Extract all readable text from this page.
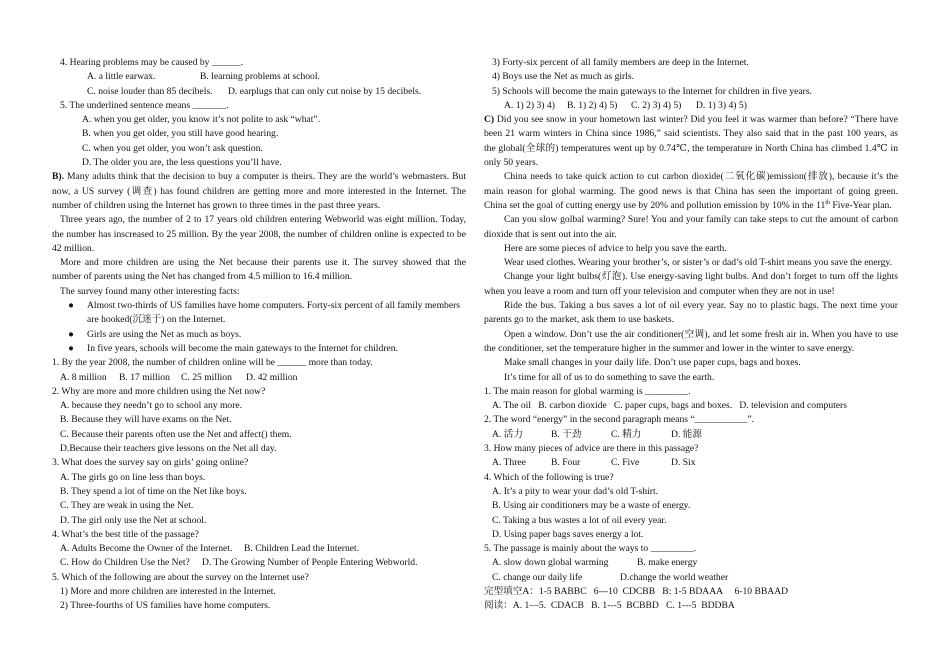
4. Hearing problems may be caused by ______.
A. a little earwax.	B. learning problems at school.
C. noise louder than 85 decibels. D. earplugs that can only cut noise by 15 decibels.
5. The underlined sentence means _______.
A. when you get older, you know it’s not polite to ask “what”.
B. when you get older, you still have good hearing.
C. when you get older, you won’t ask question.
D. The older you are, the less questions you’ll have.
B). Many adults think that the decision to buy a computer is theirs. They are the world’s webmasters. But
now, a US survey (调查) has found children are getting more and more interested in the Internet. The
number of children using the Internet has grown to three times in the past three years.
Three years ago, the number of 2 to 17 years old children entering Webworld was eight million. Today,
the number has inscreased to 25 million. By the year 2008, the number of children online is expected to be
42 million.
More and more children are using the Net because their parents use it. The survey showed that the
number of parents using the Net has changed from 4.5 million to 16.4 million.
The survey found many other interesting facts:
● Almost two-thirds of US families have home computers. Forty-six percent of all family members
are hooked(沉迷于) on the Internet.
● Girls are using the Net as much as boys.
● In five years, schools will become the main gateways to the Internet for children.
1. By the year 2008, the number of children online will be ______ more than today.
A. 8 million B. 17 million C. 25 million D. 42 million
2. Why are more and more children using the Net now?
A. because they needn’t go to school any more.
B. Because they will have exams on the Net.
C. Because their parents often use the Net and affect() them.
D.Because their teachers give lessons on the Net all day.
3. What does the survey say on girls’ going online?
A. The girls go on line less than boys.
B. They spend a lot of time on the Net like boys.
C. They are weak in using the Net.
D. The girl only use the Net at school.
4. What’s the best title of the passage?
A. Adults Become the Owner of the Internet. B. Children Lead the Internet.
C. How do Children Use the Net? D. The Growing Number of People Entering Webworld.
5. Which of the following are about the survey on the Internet use?
1) More and more children are interested in the Internet.
2) Three-fourths of US families have home computers.
3) Forty-six percent of all family members are deep in the Internet.
4) Boys use the Net as much as girls.
5) Schools will become the main gateways to the Internet for children in five years.
A. 1) 2) 3) 4) B. 1) 2) 4) 5) C. 2) 3) 4) 5) D. 1) 3) 4) 5)
C) Did you see snow in your hometown last winter? Did you feel it was warmer than before? “There have
been 21 warm winters in China since 1986,” said scientists. They also said that in the past 100 years, as
the global(全球的) temperatures went up by 0.74℃, the temperature in North China has climbed 1.4℃ in
only 50 years.
China needs to take quick action to cut carbon dioxide(二氧化碳)emission(排放), because it’s the
main reason for global warming. The good news is that China has seen the important of going green.
China set the goal of cutting energy use by 20% and pollution emission by 10% in the 11th Five-Year plan.
Can you slow golbal warming? Sure! You and your family can take steps to cut the amount of carbon
dioxide that is sent out into the air.
Here are some pieces of advice to help you save the earth.
Wear used clothes. Wearing your brother’s, or sister’s or dad’s old T-shirt means you save the energy.
Change your light bulbs(灯泡). Use energy-saving light bulbs. And don’t forget to turn off the lights
when you leave a room and turn off your television and computer when they are not in use!
Ride the bus. Taking a bus saves a lot of oil every year. Say no to plastic bags. The next time your
parents go to the market, ask them to use baskets.
Open a window. Don’t use the air conditioner(空调), and let some fresh air in. When you have to use
the conditioner, set the temperature higher in the summer and lower in the winter to save energy.
Make small changes in your daily life. Don’t use paper cups, bags and boxes.
It’s time for all of us to do something to save the earth.
1. The main reason for global warming is _________.
A. The oil   B. carbon dioxide   C. paper cups, bags and boxes.   D. television and computers
2. The word “energy” in the second paragraph means “___________”.
A. 活力	B. 干劲	C. 精力	D. 能源
3. How many pieces of advice are there in this passage?
A. Three	B. Four	C. Five	D. Six
4. Which of the following is true?
A. It’s a pity to wear your dad’s old T-shirt.
B. Using air conditioners may be a waste of energy.
C. Taking a bus wastes a lot of oil every year.
D. Using paper bags saves energy a lot.
5. The passage is mainly about the ways to _________.
A. slow down global warming	B. make energy
C. change our daily life	D.change the world weather
完型填空A：1-5 BABBC   6---10  CDCBB   B: 1-5 BDAAA     6-10 BBAAD
阅读：A. 1—5.  CDACB   B. 1---5  BCBBD   C. 1---5  BDDBA
